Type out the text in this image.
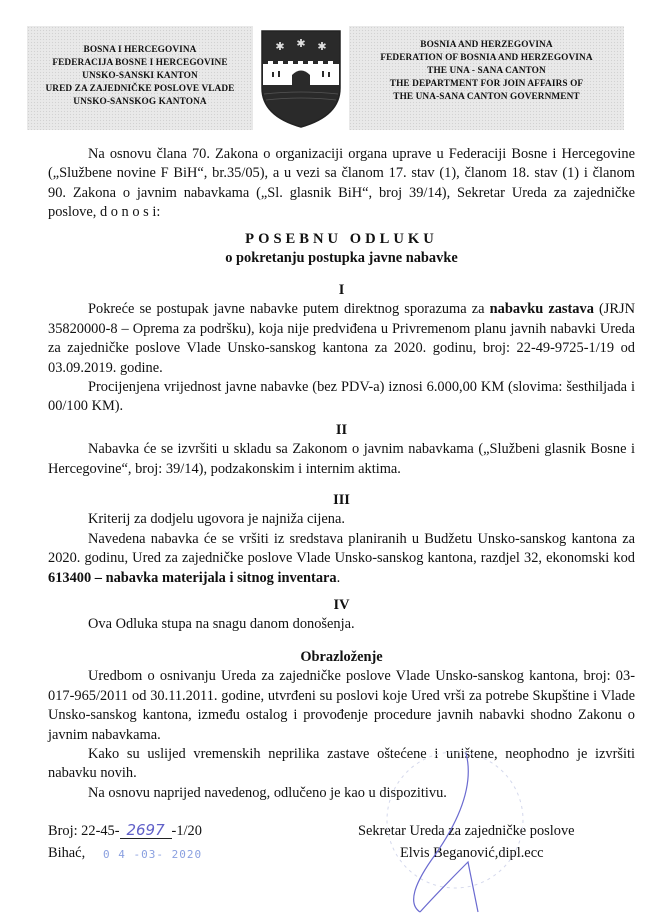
BOSNA I HERCEGOVINA
FEDERACIJA BOSNE I HERCEGOVINE
UNSKO-SANSKI KANTON
URED ZA ZAJEDNIČKE POSLOVE VLADE
UNSKO-SANSKOG KANTONA
✱ ✱ ✱	BOSNIA AND HERZEGOVINA
FEDERATION OF BOSNIA AND HERZEGOVINA
THE UNA - SANA CANTON
THE DEPARTMENT FOR JOIN AFFAIRS OF
THE UNA-SANA CANTON GOVERNMENT

Na osnovu člana 70. Zakona o organizaciji organa uprave u Federaciji Bosne i Hercegovine („Službene novine F BiH“, br.35/05), a u vezi sa članom 17. stav (1), članom 18. stav (1) i članom 90. Zakona o javnim nabavkama („Sl. glasnik BiH“, broj 39/14), Sekretar Ureda za zajedničke poslove, d o n o s i:

POSEBNU ODLUKU
o pokretanju postupka javne nabavke
I

Pokreće se postupak javne nabavke putem direktnog sporazuma za nabavku zastava (JRJN 35820000-8 – Oprema za podršku), koja nije predviđena u Privremenom planu javnih nabavki Ureda za zajedničke poslove Vlade Unsko-sanskog kantona za 2020. godinu, broj: 22-49-9725-1/19 od 03.09.2019. godine.

Procijenjena vrijednost javne nabavke (bez PDV-a) iznosi 6.000,00 KM (slovima: šesthiljada i 00/100 KM).

II

Nabavka će se izvršiti u skladu sa Zakonom o javnim nabavkama („Službeni glasnik Bosne i Hercegovine“, broj: 39/14), podzakonskim i internim aktima.

III

Kriterij za dodjelu ugovora je najniža cijena.

Navedena nabavka će se vršiti iz sredstava planiranih u Budžetu Unsko-sanskog kantona za 2020. godinu, Ured za zajedničke poslove Vlade Unsko-sanskog kantona, razdjel 32, ekonomski kod 613400 – nabavka materijala i sitnog inventara.

IV

Ova Odluka stupa na snagu danom donošenja.

Obrazloženje

Uredbom o osnivanju Ureda za zajedničke poslove Vlade Unsko-sanskog kantona, broj: 03-017-965/2011 od 30.11.2011. godine, utvrđeni su poslovi koje Ured vrši za potrebe Skupštine i Vlade Unsko-sanskog kantona, između ostalog i provođenje procedure javnih nabavki shodno Zakonu o javnim nabavkama.

Kako su uslijed vremenskih neprilika zastave oštećene i uništene, neophodno je izvršiti nabavku novih.

Na osnovu naprijed navedenog, odlučeno je kao u dispozitivu.

Broj: 22-45- 2697 -1/20
Bihać,	0 4 -03- 2020
Sekretar Ureda za zajedničke poslove
Elvis Beganović,dipl.ecc
